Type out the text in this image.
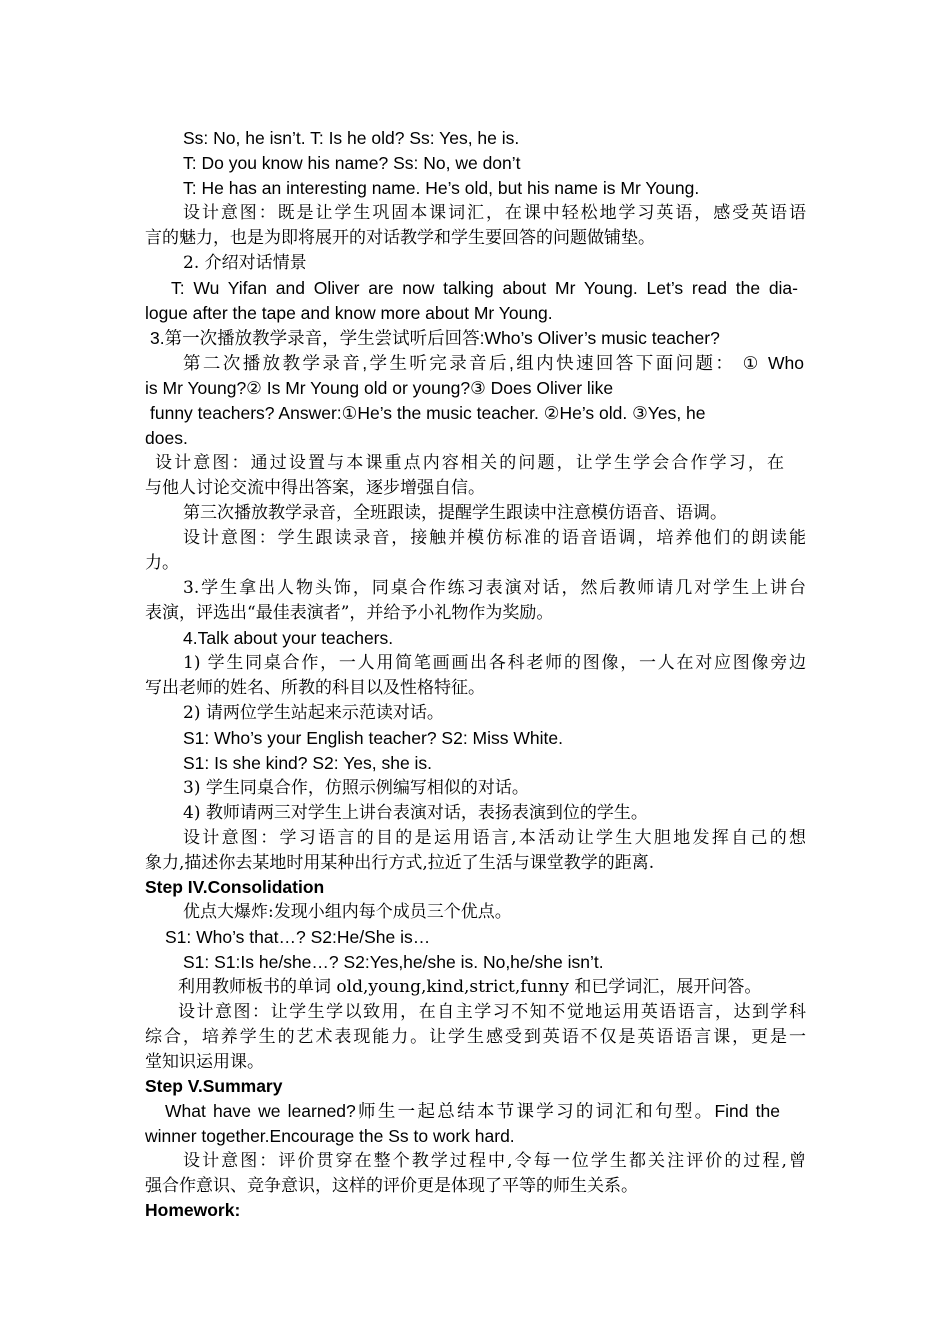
Ss: No, he isn’t. T: Is he old? Ss: Yes, he is.
T: Do you know his name? Ss: No, we don’t
T: He has an interesting name. He’s old, but his name is Mr Young.
设计意图：既是让学生巩固本课词汇，在课中轻松地学习英语，感受英语语
言的魅力，也是为即将展开的对话教学和学生要回答的问题做铺垫。
2. 介绍对话情景
T: Wu Yifan and Oliver are now talking about Mr Young. Let’s read the dia-
logue after the tape and know more about Mr Young.
3.第一次播放教学录音，学生尝试听后回答:Who’s Oliver’s music teacher?
第二次播放教学录音,学生听完录音后,组内快速回答下面问题： ① Who
is Mr Young?② Is Mr Young old or young?③ Does Oliver like
funny teachers? Answer:①He’s the music teacher. ②He’s old. ③Yes, he
does.
设计意图：通过设置与本课重点内容相关的问题，让学生学会合作学习，在
与他人讨论交流中得出答案，逐步增强自信。
第三次播放教学录音，全班跟读，提醒学生跟读中注意模仿语音、语调。
设计意图：学生跟读录音，接触并模仿标准的语音语调，培养他们的朗读能
力。
3.学生拿出人物头饰，同桌合作练习表演对话，然后教师请几对学生上讲台
表演，评选出“最佳表演者”，并给予小礼物作为奖励。
4.Talk about your teachers.
1) 学生同桌合作，一人用简笔画画出各科老师的图像，一人在对应图像旁边
写出老师的姓名、所教的科目以及性格特征。
2) 请两位学生站起来示范读对话。
S1: Who’s your English teacher? S2: Miss White.
S1: Is she kind? S2: Yes, she is.
3) 学生同桌合作，仿照示例编写相似的对话。
4) 教师请两三对学生上讲台表演对话，表扬表演到位的学生。
设计意图：学习语言的目的是运用语言,本活动让学生大胆地发挥自己的想
象力,描述你去某地时用某种出行方式,拉近了生活与课堂教学的距离.
Step IV.Consolidation
优点大爆炸:发现小组内每个成员三个优点。
S1: Who’s that…? S2:He/She is…
S1: S1:Is he/she…? S2:Yes,he/she is. No,he/she isn’t.
利用教师板书的单词 old,young,kind,strict,funny 和已学词汇，展开问答。
设计意图：让学生学以致用，在自主学习不知不觉地运用英语语言，达到学科
综合，培养学生的艺术表现能力。让学生感受到英语不仅是英语语言课，更是一
堂知识运用课。
Step V.Summary
What have we learned?师生一起总结本节课学习的词汇和句型。Find the
winner together.Encourage the Ss to work hard.
设计意图：评价贯穿在整个教学过程中,令每一位学生都关注评价的过程,曾
强合作意识、竞争意识，这样的评价更是体现了平等的师生关系。
Homework:
